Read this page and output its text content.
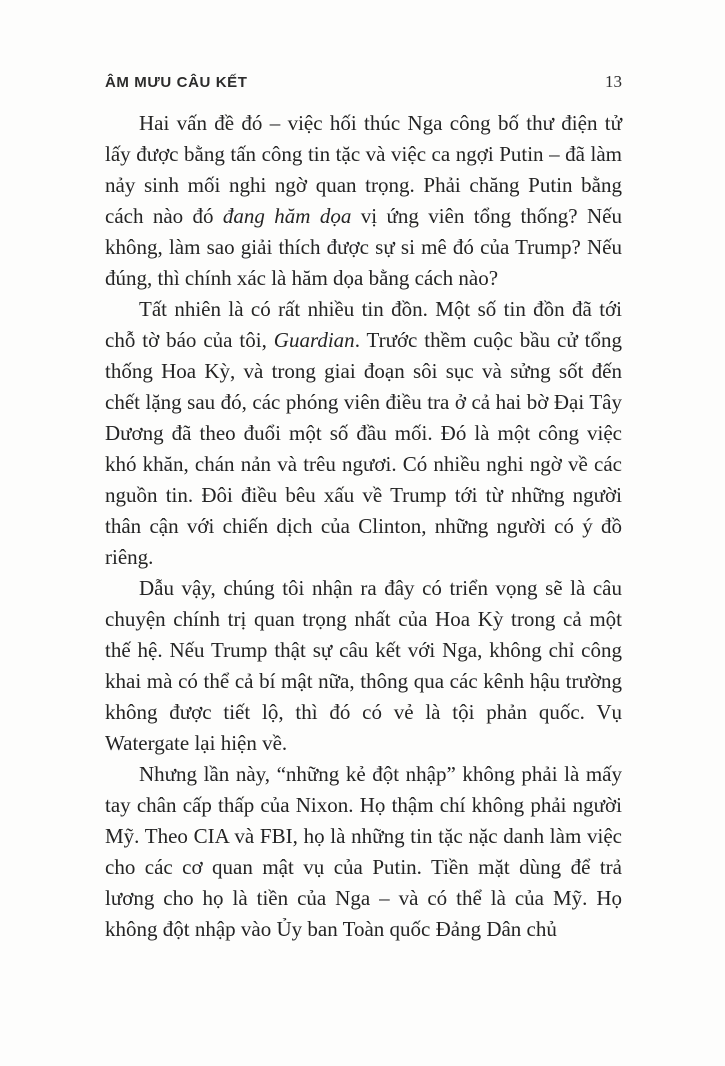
ÂM MƯU CÂU KẾT	13

Hai vấn đề đó – việc hối thúc Nga công bố thư điện tử lấy được bằng tấn công tin tặc và việc ca ngợi Putin – đã làm nảy sinh mối nghi ngờ quan trọng. Phải chăng Putin bằng cách nào đó đang hăm dọa vị ứng viên tổng thống? Nếu không, làm sao giải thích được sự si mê đó của Trump? Nếu đúng, thì chính xác là hăm dọa bằng cách nào?

Tất nhiên là có rất nhiều tin đồn. Một số tin đồn đã tới chỗ tờ báo của tôi, Guardian. Trước thềm cuộc bầu cử tổng thống Hoa Kỳ, và trong giai đoạn sôi sục và sửng sốt đến chết lặng sau đó, các phóng viên điều tra ở cả hai bờ Đại Tây Dương đã theo đuổi một số đầu mối. Đó là một công việc khó khăn, chán nản và trêu ngươi. Có nhiều nghi ngờ về các nguồn tin. Đôi điều bêu xấu về Trump tới từ những người thân cận với chiến dịch của Clinton, những người có ý đồ riêng.

Dẫu vậy, chúng tôi nhận ra đây có triển vọng sẽ là câu chuyện chính trị quan trọng nhất của Hoa Kỳ trong cả một thế hệ. Nếu Trump thật sự câu kết với Nga, không chỉ công khai mà có thể cả bí mật nữa, thông qua các kênh hậu trường không được tiết lộ, thì đó có vẻ là tội phản quốc. Vụ Watergate lại hiện về.

Nhưng lần này, “những kẻ đột nhập” không phải là mấy tay chân cấp thấp của Nixon. Họ thậm chí không phải người Mỹ. Theo CIA và FBI, họ là những tin tặc nặc danh làm việc cho các cơ quan mật vụ của Putin. Tiền mặt dùng để trả lương cho họ là tiền của Nga – và có thể là của Mỹ. Họ không đột nhập vào Ủy ban Toàn quốc Đảng Dân chủ
